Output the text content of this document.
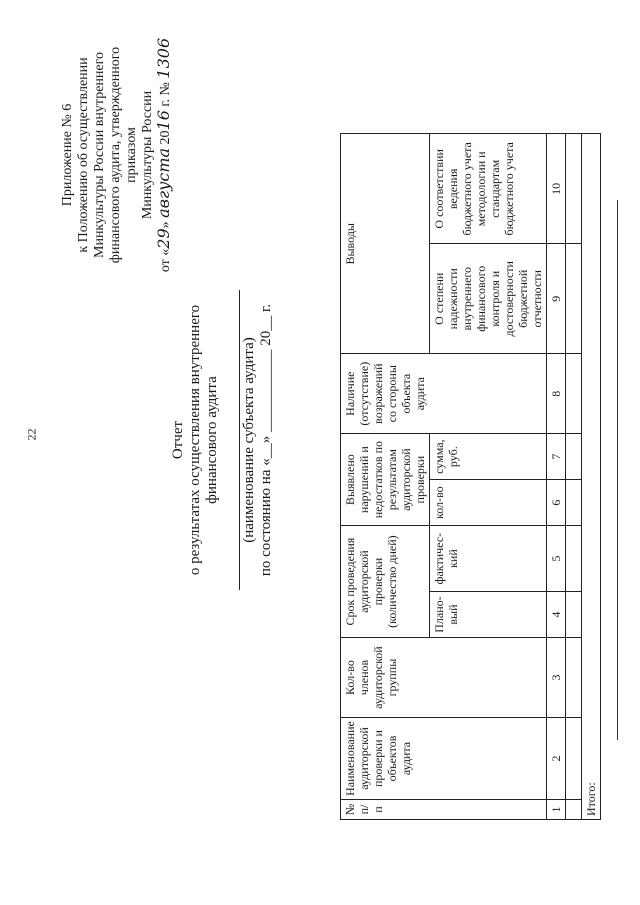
22
Приложение № 6 к Положению об осуществлении Минкультуры России внутреннего финансового аудита, утвержденного приказом Минкультуры России
от «29» августа 2016 г. № 1306
Отчет о результатах осуществления внутреннего финансового аудита (наименование субъекта аудита) по состоянию на «__» ___________ 20__ г.
№ п/п	Наименование аудиторской проверки и объектов аудита	Кол-во членов аудиторской группы	Срок проведения аудиторской проверки (количество дней)		Выявлено нарушений и недостатков по результатам аудиторской проверки		Наличие (отсутствие) возражений со стороны объекта аудита	Выводы		
			Плано-вый	фактичес-кий	кол-во	сумма, руб.		О степени надежности внутреннего финансового контроля и достоверности бюджетной отчетности	О соответствии ведения бюджетного учета методологии и стандартам бюджетного учета	
1	2	3	4	5	6	7	8	9	10	

Итого:										
